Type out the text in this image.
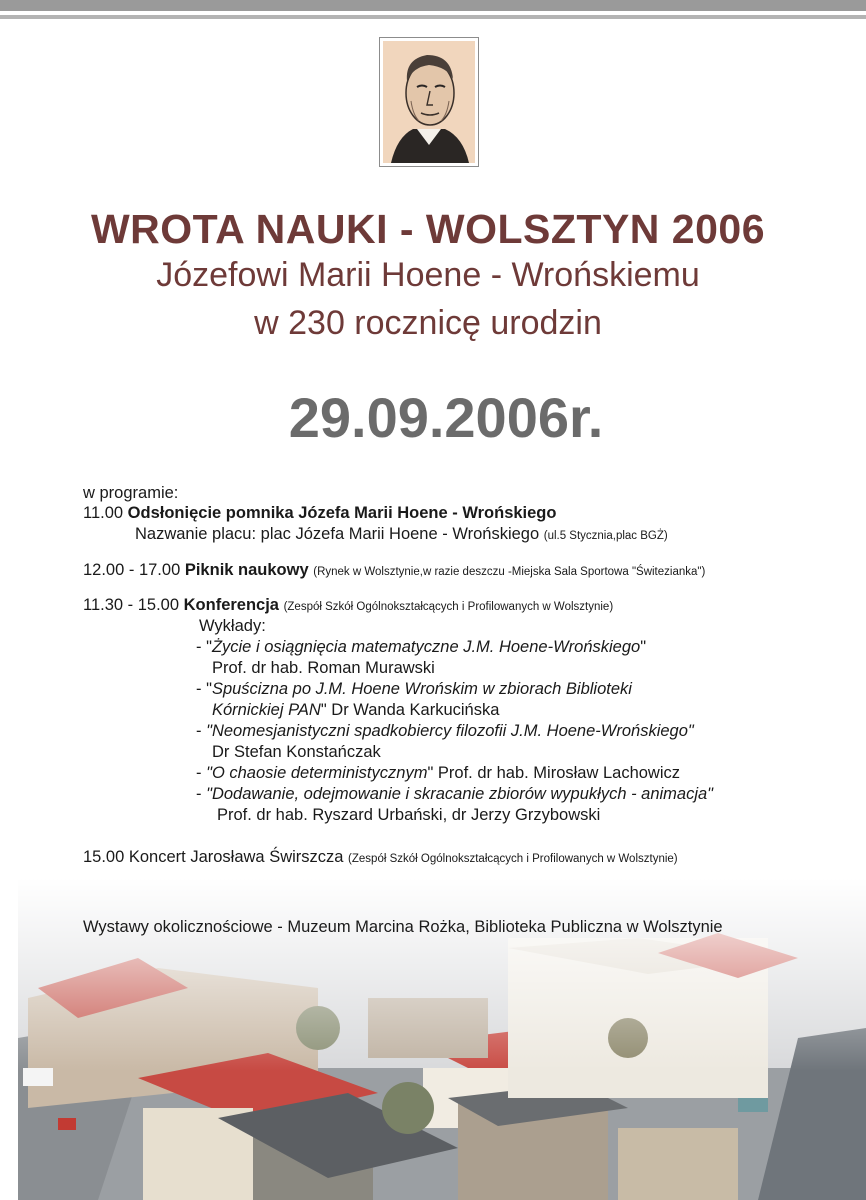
WROTA NAUKI - WOLSZTYN 2006
Józefowi Marii Hoene - Wrońskiemu
w 230 rocznicę urodzin
29.09.2006r.
w programie:
11.00 Odsłonięcie pomnika Józefa Marii Hoene - Wrońskiego
Nazwanie placu: plac Józefa Marii Hoene - Wrońskiego (ul.5 Stycznia,plac BGŻ)
12.00 - 17.00 Piknik naukowy (Rynek w Wolsztynie,w razie deszczu -Miejska Sala Sportowa "Świtezianka")
11.30 - 15.00 Konferencja (Zespół Szkół Ogólnokształcących i Profilowanych w Wolsztynie)
Wykłady:
- "Życie i osiągnięcia matematyczne J.M. Hoene-Wrońskiego"
Prof. dr hab. Roman Murawski
- "Spuścizna po J.M. Hoene Wrońskim w zbiorach Biblioteki
Kórnickiej PAN" Dr Wanda Karkucińska
- "Neomesjanistyczni spadkobiercy filozofii J.M. Hoene-Wrońskiego"
Dr Stefan Konstańczak
- "O chaosie deterministycznym" Prof. dr hab. Mirosław Lachowicz
- "Dodawanie, odejmowanie i skracanie zbiorów wypukłych - animacja"
Prof. dr hab. Ryszard Urbański, dr Jerzy Grzybowski
15.00 Koncert Jarosława Świrszcza (Zespół Szkół Ogólnokształcących i Profilowanych w Wolsztynie)
Wystawy okolicznościowe - Muzeum Marcina Rożka, Biblioteka Publiczna w Wolsztynie
